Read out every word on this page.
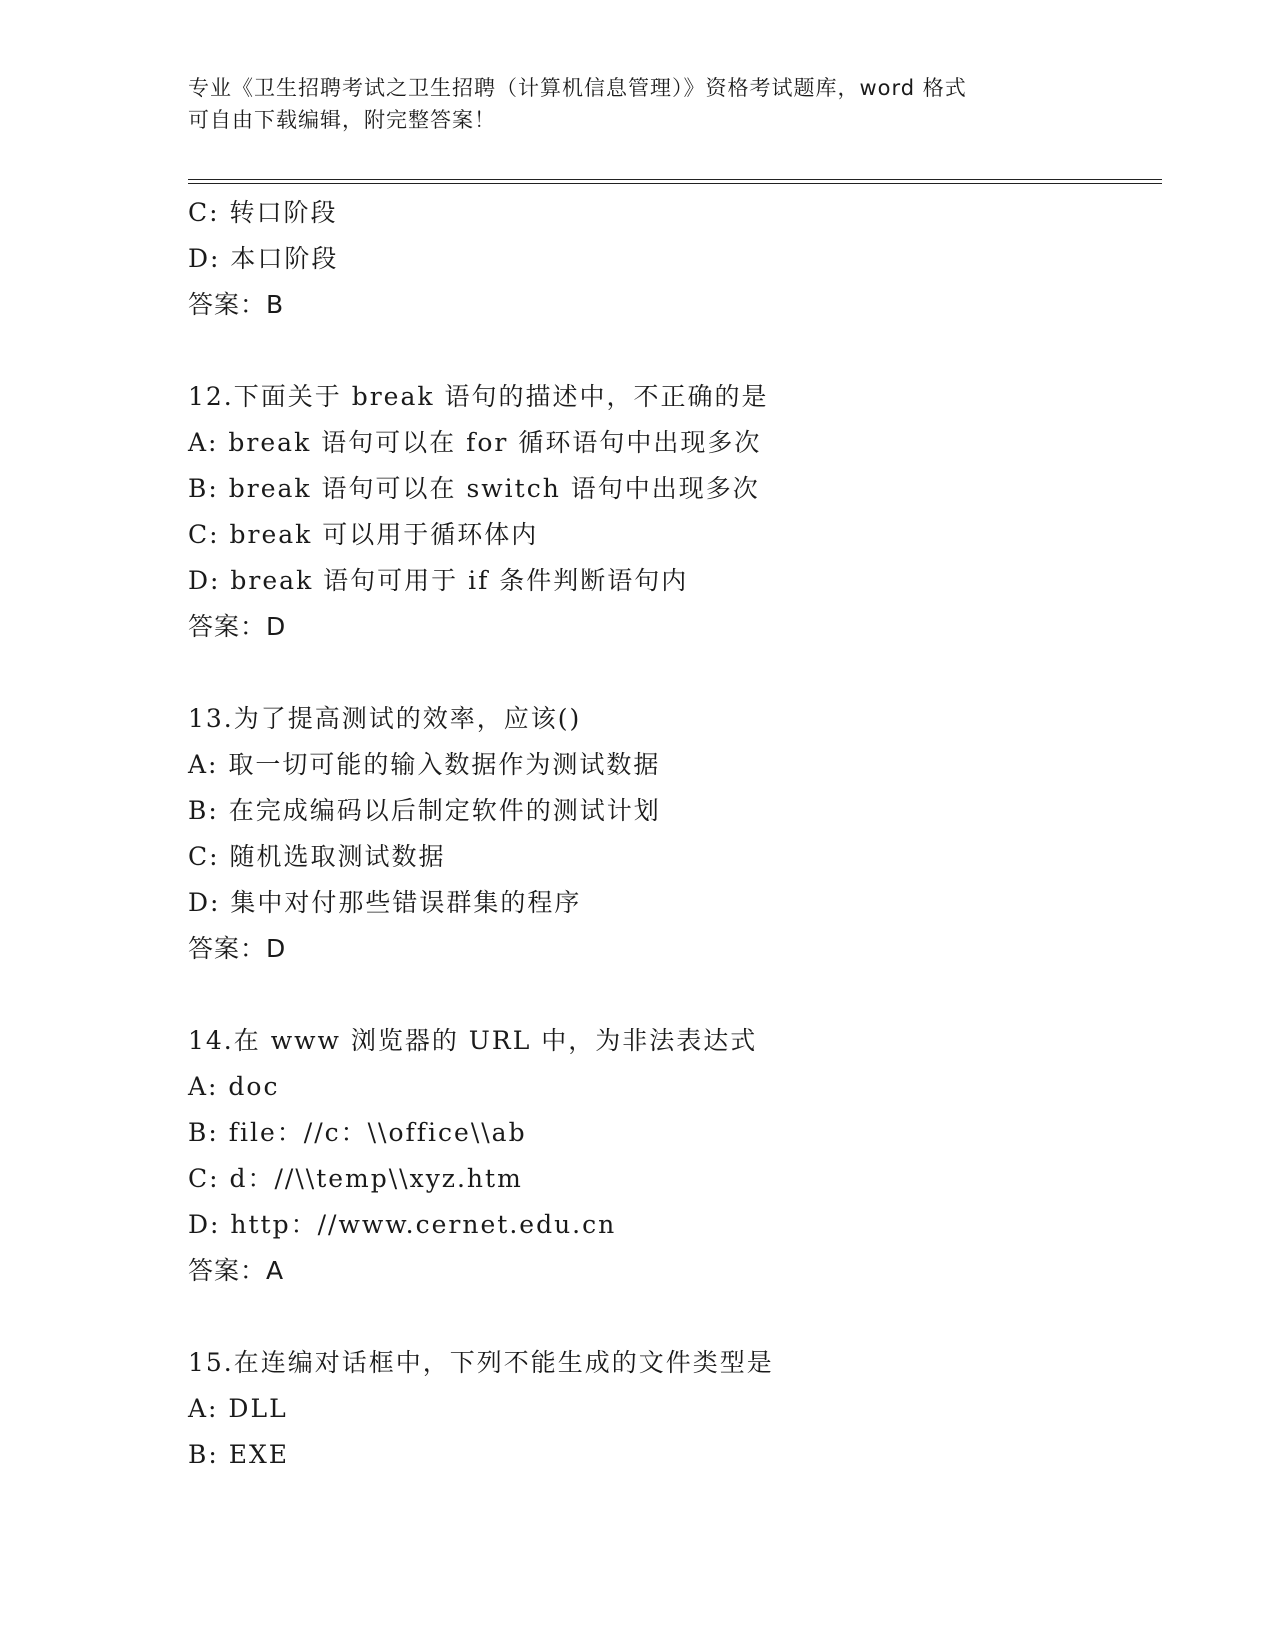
专业《卫生招聘考试之卫生招聘（计算机信息管理）》资格考试题库，word 格式
可自由下载编辑，附完整答案！
C: 转口阶段
D: 本口阶段
答案：B
12.下面关于 break 语句的描述中，不正确的是
A: break 语句可以在 for 循环语句中出现多次
B: break 语句可以在 switch 语句中出现多次
C: break 可以用于循环体内
D: break 语句可用于 if 条件判断语句内
答案：D
13.为了提高测试的效率，应该()
A: 取一切可能的输入数据作为测试数据
B: 在完成编码以后制定软件的测试计划
C: 随机选取测试数据
D: 集中对付那些错误群集的程序
答案：D
14.在 www 浏览器的 URL 中，为非法表达式
A: doc
B: file：//c：\\office\\ab
C: d：//\\temp\\xyz.htm
D: http：//www.cernet.edu.cn
答案：A
15.在连编对话框中，下列不能生成的文件类型是
A: DLL
B: EXE
